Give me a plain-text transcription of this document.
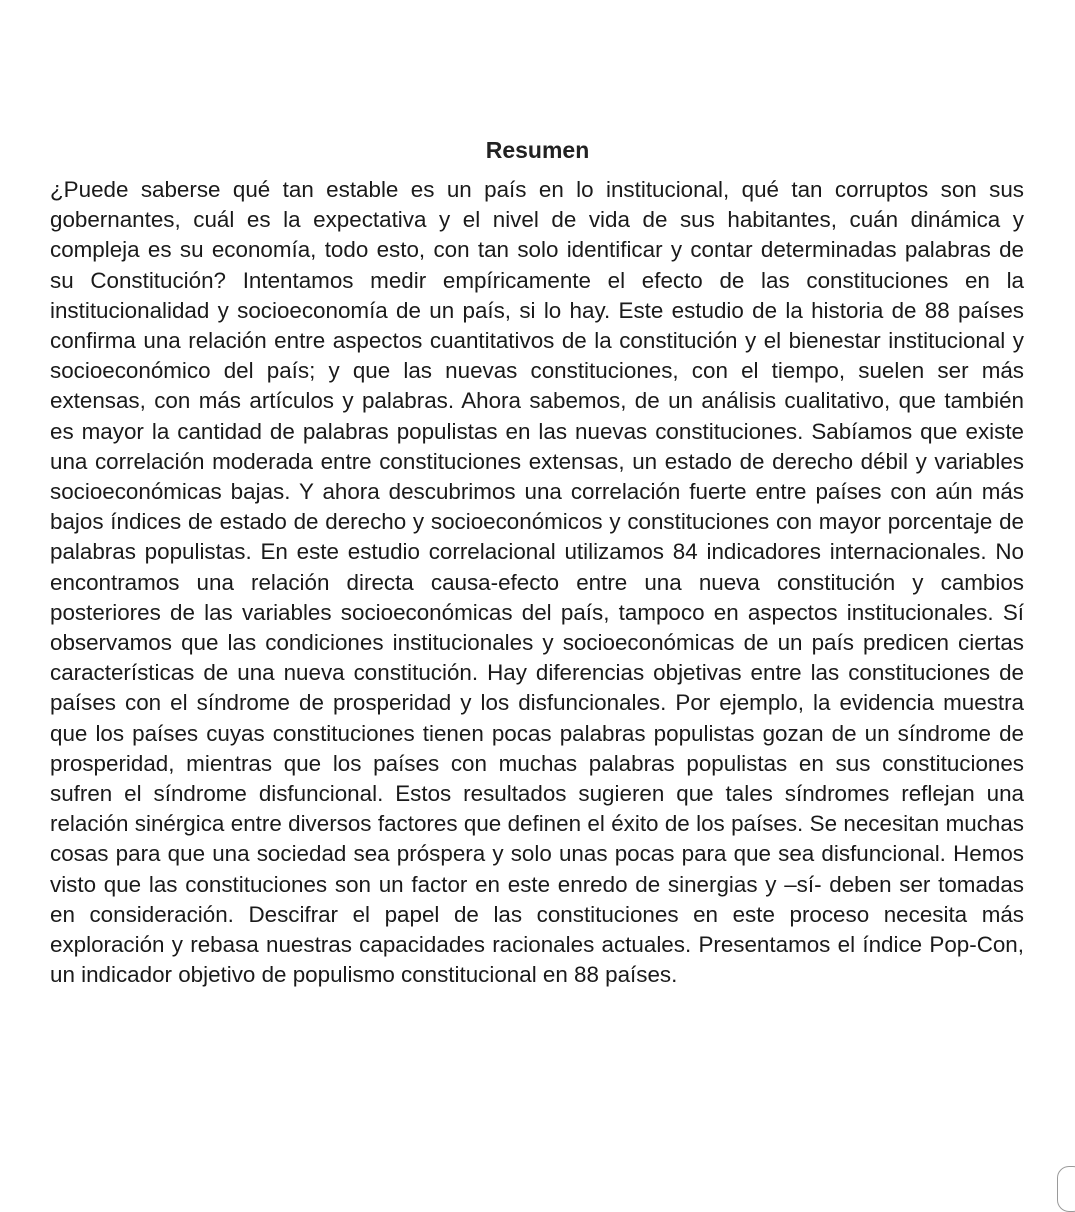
Resumen

¿Puede saberse qué tan estable es un país en lo institucional, qué tan corruptos son sus gobernantes, cuál es la expectativa y el nivel de vida de sus habitantes, cuán dinámica y compleja es su economía, todo esto, con tan solo identificar y contar determinadas palabras de su Constitución? Intentamos medir empíricamente el efecto de las constituciones en la institucionalidad y socioeconomía de un país, si lo hay. Este estudio de la historia de 88 países confirma una relación entre aspectos cuantitativos de la constitución y el bienestar institucional y socioeconómico del país; y que las nuevas constituciones, con el tiempo, suelen ser más extensas, con más artículos y palabras. Ahora sabemos, de un análisis cualitativo, que también es mayor la cantidad de palabras populistas en las nuevas constituciones. Sabíamos que existe una correlación moderada entre constituciones extensas, un estado de derecho débil y variables socioeconómicas bajas. Y ahora descubrimos una correlación fuerte entre países con aún más bajos índices de estado de derecho y socioeconómicos y constituciones con mayor porcentaje de palabras populistas. En este estudio correlacional utilizamos 84 indicadores internacionales. No encontramos una relación directa causa-efecto entre una nueva constitución y cambios posteriores de las variables socioeconómicas del país, tampoco en aspectos institucionales. Sí observamos que las condiciones institucionales y socioeconómicas de un país predicen ciertas características de una nueva constitución. Hay diferencias objetivas entre las constituciones de países con el síndrome de prosperidad y los disfuncionales. Por ejemplo, la evidencia muestra que los países cuyas constituciones tienen pocas palabras populistas gozan de un síndrome de prosperidad, mientras que los países con muchas palabras populistas en sus constituciones sufren el síndrome disfuncional. Estos resultados sugieren que tales síndromes reflejan una relación sinérgica entre diversos factores que definen el éxito de los países. Se necesitan muchas cosas para que una sociedad sea próspera y solo unas pocas para que sea disfuncional. Hemos visto que las constituciones son un factor en este enredo de sinergias y –sí- deben ser tomadas en consideración. Descifrar el papel de las constituciones en este proceso necesita más exploración y rebasa nuestras capacidades racionales actuales. Presentamos el índice Pop-Con, un indicador objetivo de populismo constitucional en 88 países.
